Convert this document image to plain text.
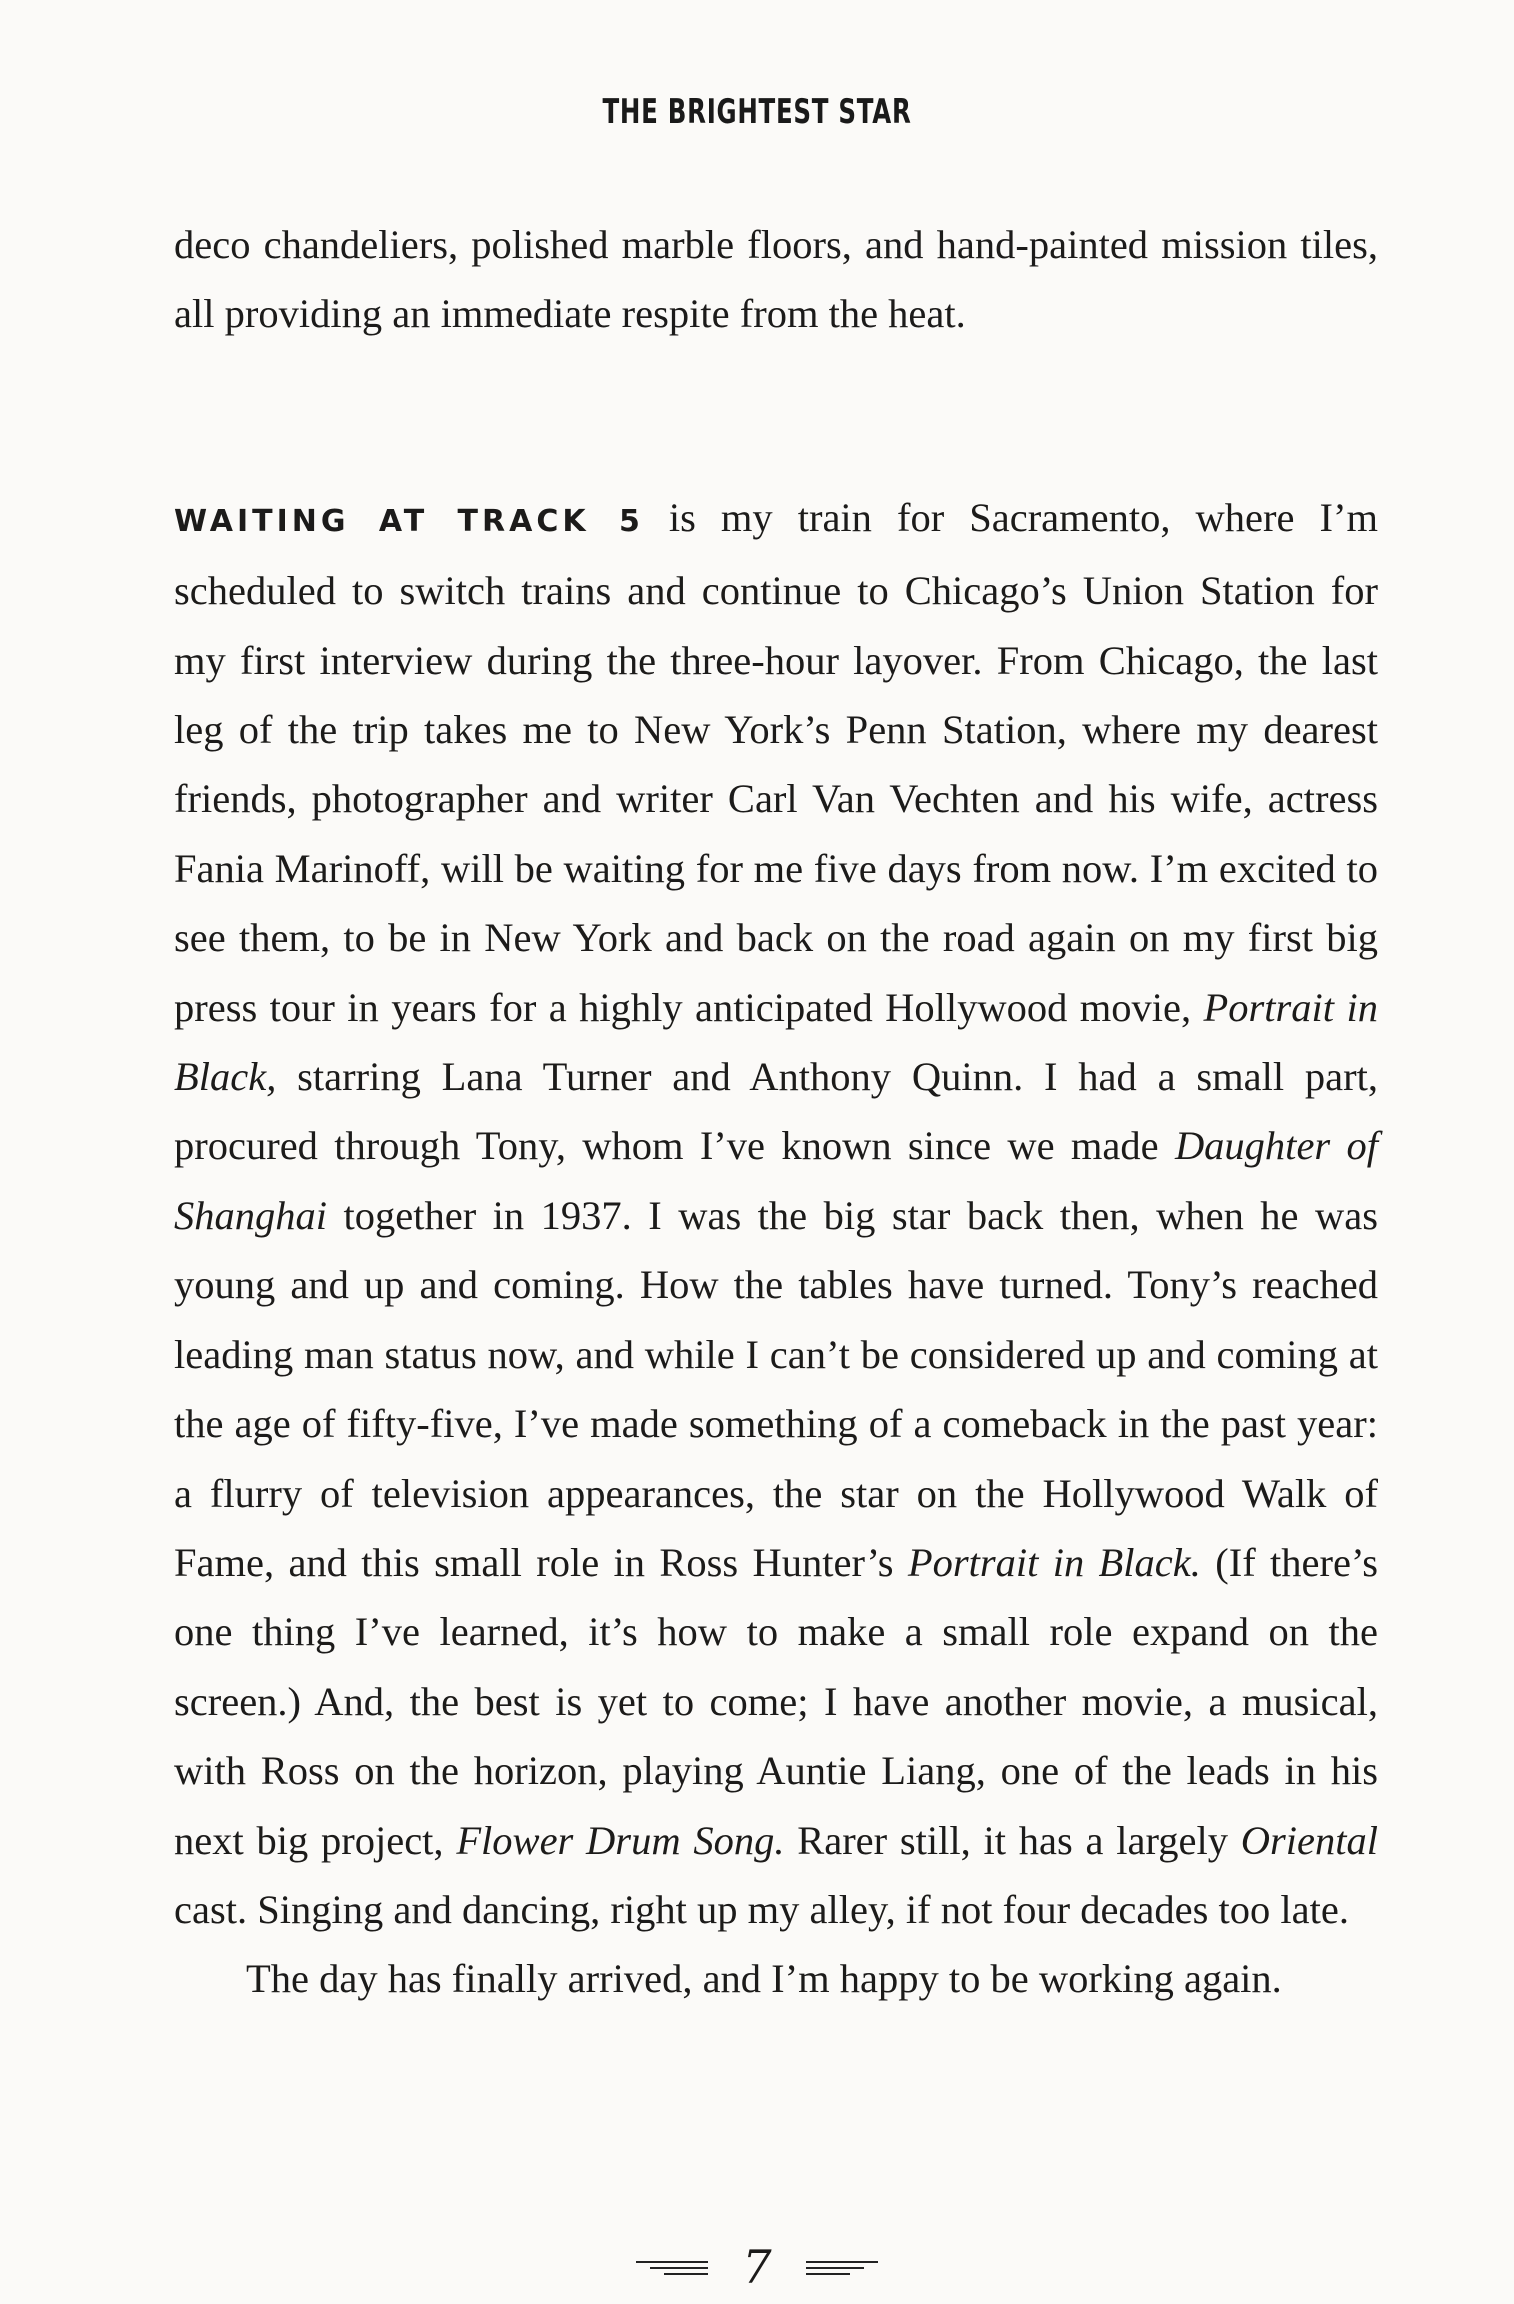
THE BRIGHTEST STAR

deco chandeliers, polished marble floors, and hand-painted mission tiles, all providing an immediate respite from the heat.

WAITING AT TRACK 5 is my train for Sacramento, where I’m scheduled to switch trains and continue to Chicago’s Union Station for my first interview during the three-hour layover. From Chicago, the last leg of the trip takes me to New York’s Penn Station, where my dearest friends, photographer and writer Carl Van Vechten and his wife, actress Fania Marinoff, will be waiting for me five days from now. I’m excited to see them, to be in New York and back on the road again on my first big press tour in years for a highly anticipated Hollywood movie, Portrait in Black, starring Lana Turner and Anthony Quinn. I had a small part, procured through Tony, whom I’ve known since we made Daughter of Shanghai together in 1937. I was the big star back then, when he was young and up and coming. How the tables have turned. Tony’s reached leading man status now, and while I can’t be considered up and coming at the age of fifty-five, I’ve made something of a comeback in the past year: a flurry of television appearances, the star on the Hollywood Walk of Fame, and this small role in Ross Hunter’s Portrait in Black. (If there’s one thing I’ve learned, it’s how to make a small role expand on the screen.) And, the best is yet to come; I have another movie, a musical, with Ross on the horizon, playing Auntie Liang, one of the leads in his next big project, Flower Drum Song. Rarer still, it has a largely Oriental cast. Singing and dancing, right up my alley, if not four decades too late.

The day has finally arrived, and I’m happy to be working again.

7
